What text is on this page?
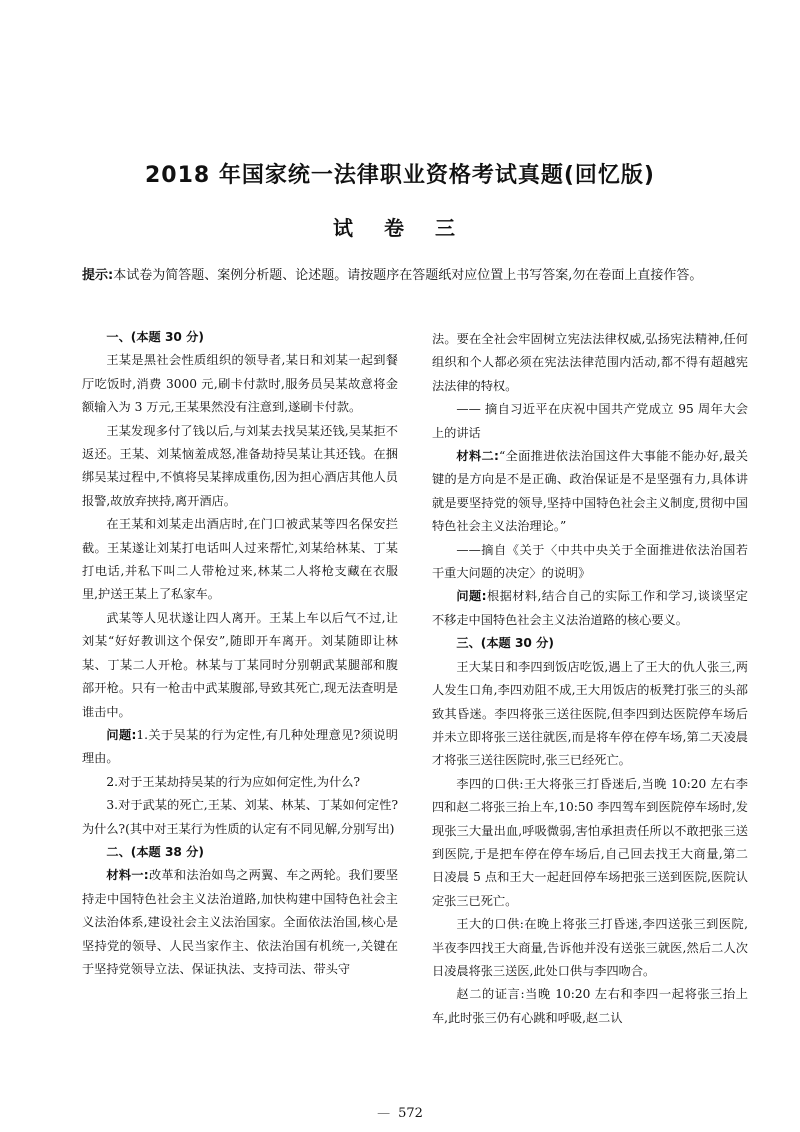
2018 年国家统一法律职业资格考试真题(回忆版)
试 卷 三
提示:本试卷为简答题、案例分析题、论述题。请按题序在答题纸对应位置上书写答案,勿在卷面上直接作答。

一、(本题 30 分)

王某是黑社会性质组织的领导者,某日和刘某一起到餐厅吃饭时,消费 3000 元,刷卡付款时,服务员吴某故意将金额输入为 3 万元,王某果然没有注意到,遂刷卡付款。

王某发现多付了钱以后,与刘某去找吴某还钱,吴某拒不返还。王某、刘某恼羞成怒,准备劫持吴某让其还钱。在捆绑吴某过程中,不慎将吴某摔成重伤,因为担心酒店其他人员报警,故放弃挟持,离开酒店。

在王某和刘某走出酒店时,在门口被武某等四名保安拦截。王某遂让刘某打电话叫人过来帮忙,刘某给林某、丁某打电话,并私下叫二人带枪过来,林某二人将枪支藏在衣服里,护送王某上了私家车。

武某等人见状遂让四人离开。王某上车以后气不过,让刘某“好好教训这个保安”,随即开车离开。刘某随即让林某、丁某二人开枪。林某与丁某同时分别朝武某腿部和腹部开枪。只有一枪击中武某腹部,导致其死亡,现无法查明是谁击中。

问题:1.关于吴某的行为定性,有几种处理意见?须说明理由。

2.对于王某劫持吴某的行为应如何定性,为什么?

3.对于武某的死亡,王某、刘某、林某、丁某如何定性?为什么?(其中对王某行为性质的认定有不同见解,分别写出)

二、(本题 38 分)

材料一:改革和法治如鸟之两翼、车之两轮。我们要坚持走中国特色社会主义法治道路,加快构建中国特色社会主义法治体系,建设社会主义法治国家。全面依法治国,核心是坚持党的领导、人民当家作主、依法治国有机统一,关键在于坚持党领导立法、保证执法、支持司法、带头守

法。要在全社会牢固树立宪法法律权威,弘扬宪法精神,任何组织和个人都必须在宪法法律范围内活动,都不得有超越宪法法律的特权。

—— 摘自习近平在庆祝中国共产党成立 95 周年大会上的讲话

材料二:“全面推进依法治国这件大事能不能办好,最关键的是方向是不是正确、政治保证是不是坚强有力,具体讲就是要坚持党的领导,坚持中国特色社会主义制度,贯彻中国特色社会主义法治理论。”

——摘自《关于〈中共中央关于全面推进依法治国若干重大问题的决定〉的说明》

问题:根据材料,结合自己的实际工作和学习,谈谈坚定不移走中国特色社会主义法治道路的核心要义。

三、(本题 30 分)

王大某日和李四到饭店吃饭,遇上了王大的仇人张三,两人发生口角,李四劝阻不成,王大用饭店的板凳打张三的头部致其昏迷。李四将张三送往医院,但李四到达医院停车场后并未立即将张三送往就医,而是将车停在停车场,第二天凌晨才将张三送往医院时,张三已经死亡。

李四的口供:王大将张三打昏迷后,当晚 10:20 左右李四和赵二将张三抬上车,10:50 李四驾车到医院停车场时,发现张三大量出血,呼吸微弱,害怕承担责任所以不敢把张三送到医院,于是把车停在停车场后,自己回去找王大商量,第二日凌晨 5 点和王大一起赶回停车场把张三送到医院,医院认定张三已死亡。

王大的口供:在晚上将张三打昏迷,李四送张三到医院,半夜李四找王大商量,告诉他并没有送张三就医,然后二人次日凌晨将张三送医,此处口供与李四吻合。

赵二的证言:当晚 10:20 左右和李四一起将张三抬上车,此时张三仍有心跳和呼吸,赵二认

— 572
